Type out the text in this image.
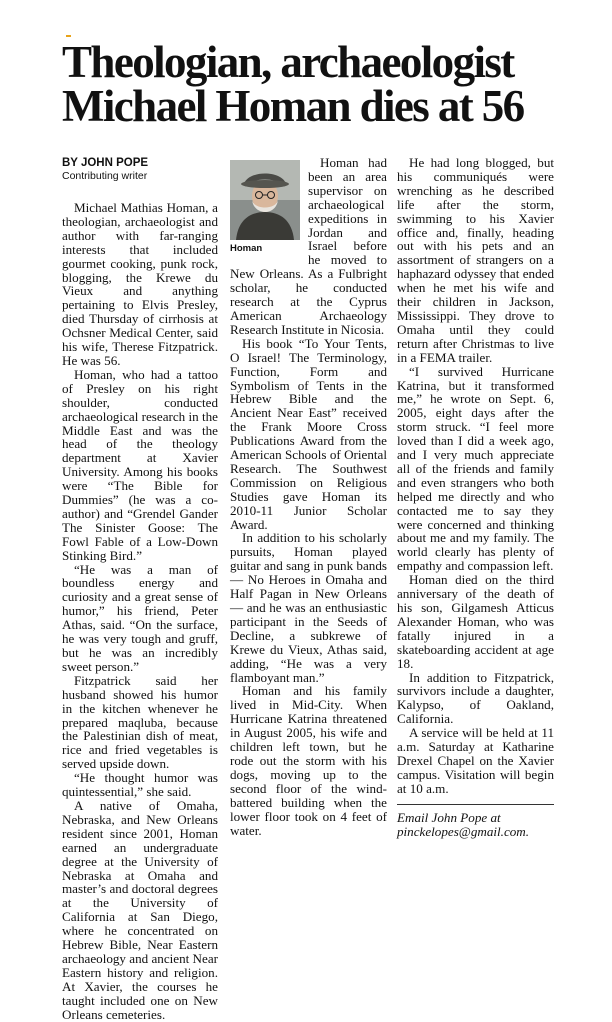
Theologian, archaeologist
Michael Homan dies at 56

BY JOHN POPE

Contributing writer

Michael Mathias Homan, a theologian, archaeologist and author with far-ranging interests that included gourmet cooking, punk rock, blogging, the Krewe du Vieux and anything pertaining to Elvis Presley, died Thursday of cirrhosis at Ochsner Medical Center, said his wife, Therese Fitzpatrick. He was 56.

Homan, who had a tattoo of Presley on his right shoulder, conducted archaeological research in the Middle East and was the head of the theology department at Xavier University. Among his books were “The Bible for Dummies” (he was a co-author) and “Grendel Gander The Sinister Goose: The Fowl Fable of a Low-Down Stinking Bird.”

“He was a man of boundless energy and curiosity and a great sense of humor,” his friend, Peter Athas, said. “On the surface, he was very tough and gruff, but he was an incredibly sweet person.”

Fitzpatrick said her husband showed his humor in the kitchen whenever he prepared maqluba, because the Palestinian dish of meat, rice and fried vegetables is served upside down.

“He thought humor was quintessential,” she said.

A native of Omaha, Nebraska, and New Orleans resident since 2001, Homan earned an undergraduate degree at the University of Nebraska at Omaha and master’s and doctoral degrees at the University of California at San Diego, where he concentrated on Hebrew Bible, Near Eastern archaeology and ancient Near Eastern history and religion. At Xavier, the courses he taught included one on New Orleans cemeteries.

Homan

Homan had been an area supervisor on archaeological expeditions in Jordan and Israel before he moved to New Orleans. As a Fulbright scholar, he conducted research at the Cyprus American Archaeology Research Institute in Nicosia.

His book “To Your Tents, O Israel! The Terminology, Function, Form and Symbolism of Tents in the Hebrew Bible and the Ancient Near East” received the Frank Moore Cross Publications Award from the American Schools of Oriental Research. The Southwest Commission on Religious Studies gave Homan its 2010-11 Junior Scholar Award.

In addition to his scholarly pursuits, Homan played guitar and sang in punk bands — No Heroes in Omaha and Half Pagan in New Orleans — and he was an enthusiastic participant in the Seeds of Decline, a subkrewe of Krewe du Vieux, Athas said, adding, “He was a very flamboyant man.”

Homan and his family lived in Mid-City. When Hurricane Katrina threatened in August 2005, his wife and children left town, but he rode out the storm with his dogs, moving up to the second floor of the wind-battered building when the lower floor took on 4 feet of water.

He had long blogged, but his communiqués were wrenching as he described life after the storm, swimming to his Xavier office and, finally, heading out with his pets and an assortment of strangers on a haphazard odyssey that ended when he met his wife and their children in Jackson, Mississippi. They drove to Omaha until they could return after Christmas to live in a FEMA trailer.

“I survived Hurricane Katrina, but it transformed me,” he wrote on Sept. 6, 2005, eight days after the storm struck. “I feel more loved than I did a week ago, and I very much appreciate all of the friends and family and even strangers who both helped me directly and who contacted me to say they were concerned and thinking about me and my family. The world clearly has plenty of empathy and compassion left.

Homan died on the third anniversary of the death of his son, Gilgamesh Atticus Alexander Homan, who was fatally injured in a skateboarding accident at age 18.

In addition to Fitzpatrick, survivors include a daughter, Kalypso, of Oakland, California.

A service will be held at 11 a.m. Saturday at Katharine Drexel Chapel on the Xavier campus. Visitation will begin at 10 a.m.

Email John Pope at

pinckelopes@gmail.com.
